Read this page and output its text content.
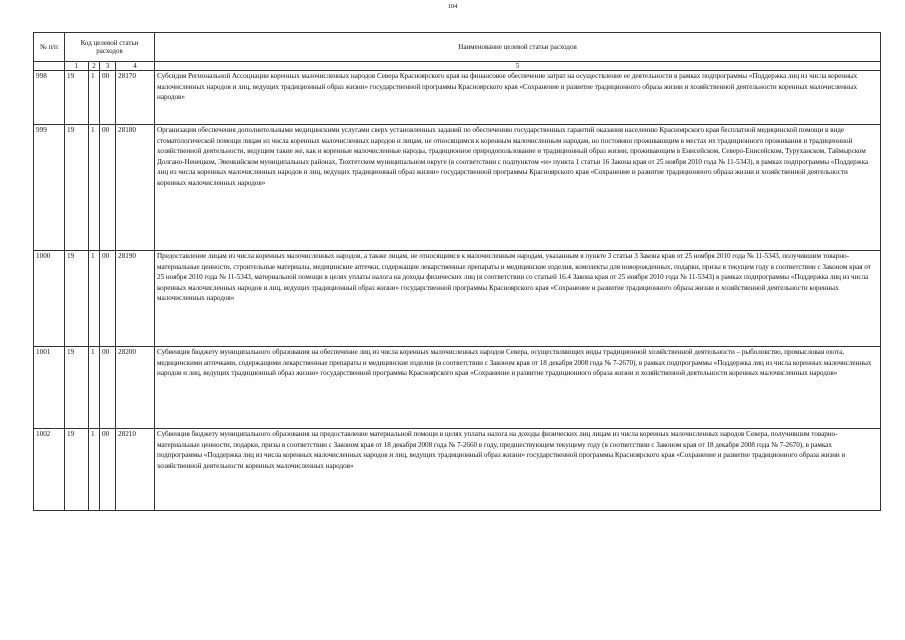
104
№ п/п	Код целевой статьи расходов				Наименование целевой статьи расходов
	1	2	3	4	5
998	19	1	00	28170	Субсидия Региональной Ассоциации коренных малочисленных народов Севера Красноярского края на финансовое обеспечение затрат на осуществление ее деятельности в рамках подпрограммы «Поддержка лиц из числа коренных малочисленных народов и лиц, ведущих традиционный образ жизни» государственной программы Красноярского края «Сохранение и развитие традиционного образа жизни и хозяйственной деятельности коренных малочисленных народов»
999	19	1	00	28180	Организация обеспечения дополнительными медицинскими услугами сверх установленных заданий по обеспечению государственных гарантий оказания населению Красноярского края бесплатной медицинской помощи в виде стоматологической помощи лицам из числа коренных малочисленных народов и лицам, не относящимся к коренным малочисленным народам, но постоянно проживающим в местах их традиционного проживания и традиционной хозяйственной деятельности, ведущим такие же, как и коренные малочисленные народы, традиционное природопользование и традиционный образ жизни, проживающим в Енисейском, Северо-Енисейском, Туруханском, Таймырском Долгано-Ненецком, Эвенкийском муниципальных районах, Тюхтетском муниципальном округе (в соответствии с подпунктом «и» пункта 1 статьи 16 Закона края от 25 ноября 2010 года № 11-5343), в рамках подпрограммы «Поддержка лиц из числа коренных малочисленных народов и лиц, ведущих традиционный образ жизни» государственной программы Красноярского края «Сохранение и развитие традиционного образа жизни и хозяйственной деятельности коренных малочисленных народов»
1000	19	1	00	28190	Предоставление лицам из числа коренных малочисленных народов, а также лицам, не относящимся к малочисленным народам, указанным в пункте 3 статьи 3 Закона края от 25 ноября 2010 года № 11-5343, получившим товарно-материальные ценности, строительные материалы, медицинские аптечки, содержащие лекарственные препараты и медицинские изделия, комплекты для новорожденных, подарки, призы в текущем году в соответствии с Законом края от 25 ноября 2010 года № 11-5343, материальной помощи в целях уплаты налога на доходы физических лиц (в соответствии со статьей 16.4 Закона края от 25 ноября 2010 года № 11-5343) в рамках подпрограммы «Поддержка лиц из числа коренных малочисленных народов и лиц, ведущих традиционный образ жизни» государственной программы Красноярского края «Сохранение и развитие традиционного образа жизни и хозяйственной деятельности коренных малочисленных народов»
1001	19	1	00	28200	Субвенция бюджету муниципального образования на обеспечение лиц из числа коренных малочисленных народов Севера, осуществляющих виды традиционной хозяйственной деятельности – рыболовство, промысловая охота, медицинскими аптечками, содержащими лекарственные препараты и медицинские изделия (в соответствии с Законом края от 18 декабря 2008 года № 7-2670), в рамках подпрограммы «Поддержка лиц из числа коренных малочисленных народов и лиц, ведущих традиционный образ жизни» государственной программы Красноярского края «Сохранение и развитие традиционного образа жизни и хозяйственной деятельности коренных малочисленных народов»
1002	19	1	00	28210	Субвенция бюджету муниципального образования на предоставление материальной помощи в целях уплаты налога на доходы физических лиц лицам из числа коренных малочисленных народов Севера, получившим товарно-материальные ценности, подарки, призы в соответствии с Законом края от 18 декабря 2008 года № 7-2660 в году, предшествующем текущему году (в соответствии с Законом края от 18 декабря 2008 года № 7-2670), в рамках подпрограммы «Поддержка лиц из числа коренных малочисленных народов и лиц, ведущих традиционный образ жизни» государственной программы Красноярского края «Сохранение и развитие традиционного образа жизни и хозяйственной деятельности коренных малочисленных народов»
